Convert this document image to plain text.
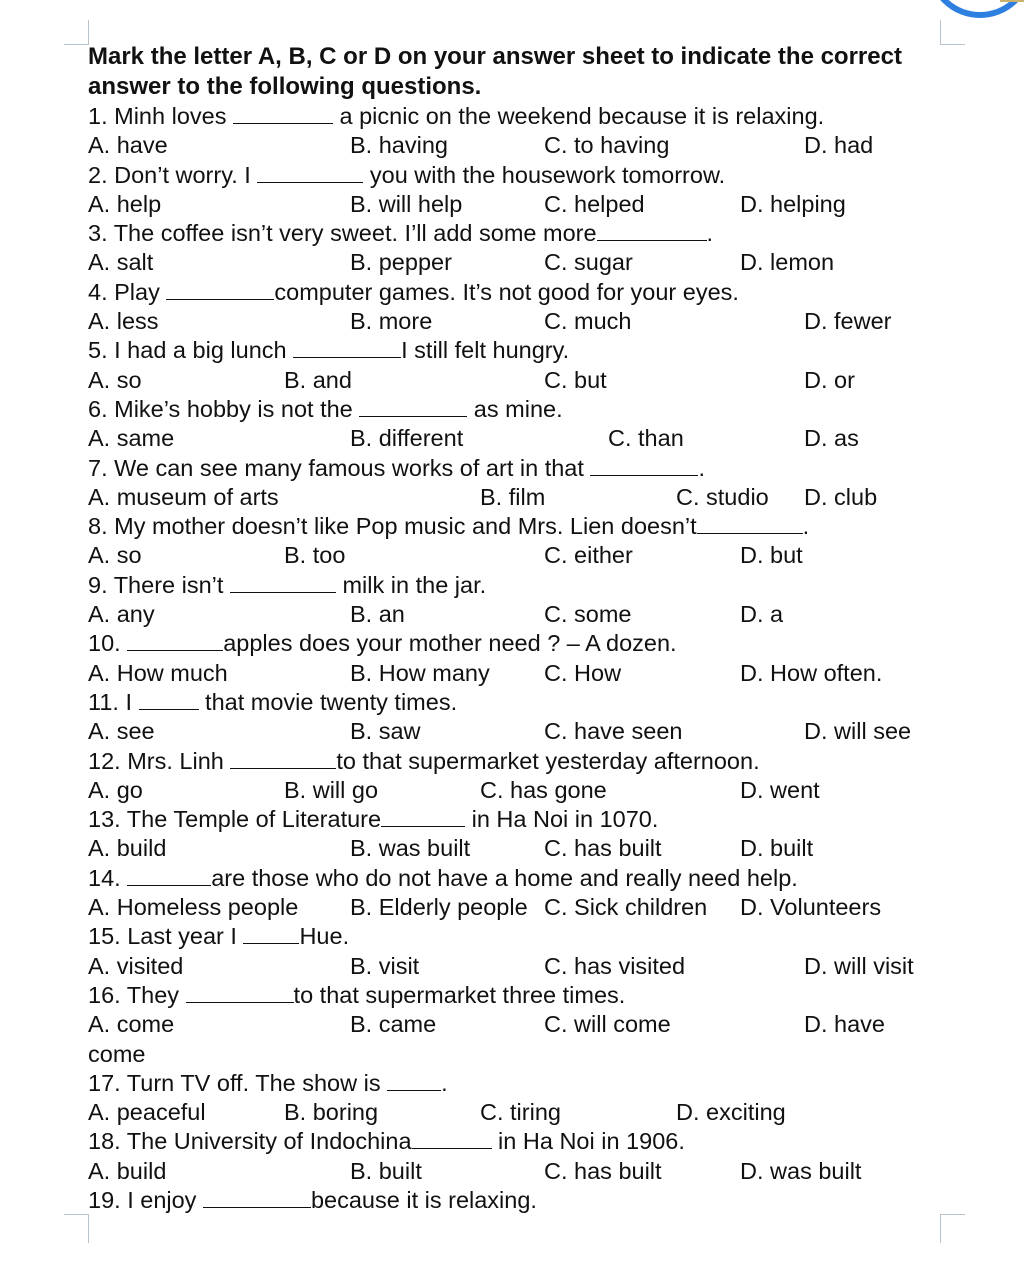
Mark the letter A, B, C or D on your answer sheet to indicate the correct answer to the following questions.

1. Minh loves	a picnic on the weekend because it is relaxing.
A. have	B. having	C. to having	D. had
2. Don’t worry. I	you with the housework tomorrow.
A. help	B. will help	C. helped	D. helping
3. The coffee isn’t very sweet. I’ll add some more	.
A. salt	B. pepper	C. sugar	D. lemon
4. Play	computer games. It’s not good for your eyes.
A. less	B. more	C. much	D. fewer
5. I had a big lunch	I still felt hungry.
A. so	B. and	C. but	D. or
6. Mike’s hobby is not the	as mine.
A. same	B. different	C. than	D. as
7. We can see many famous works of art in that	.
A. museum of arts	B. film	C. studio D. club
8. My mother doesn’t like Pop music and Mrs. Lien doesn’t	.
A. so	B. too	C. either	D. but
9. There isn’t	milk in the jar.
A. any	B. an	C. some	D. a
10.	apples does your mother need ? – A dozen.
A. How much	B. How many C. How	D. How often.
11. I	that movie twenty times.
A. see	B. saw	C. have seen	D. will see
12. Mrs. Linh	to that supermarket yesterday afternoon.
A. go	B. will go	C. has gone	D. went
13. The Temple of Literature	in Ha Noi in 1070.
A. build	B. was built	C. has built	D. built
14.	are those who do not have a home and really need help.
A. Homeless people B. Elderly people C. Sick children D. Volunteers
15. Last year I Hue.
A. visited	B. visit	C. has visited	D. will visit
16. They	to that supermarket three times.
A. come	B. came	C. will come	D. have
come
17. Turn TV off. The show is .
A. peaceful	B. boring	C. tiring	D. exciting
18. The University of Indochina	in Ha Noi in 1906.
A. build	B. built	C. has built	D. was built
19. I enjoy	because it is relaxing.
